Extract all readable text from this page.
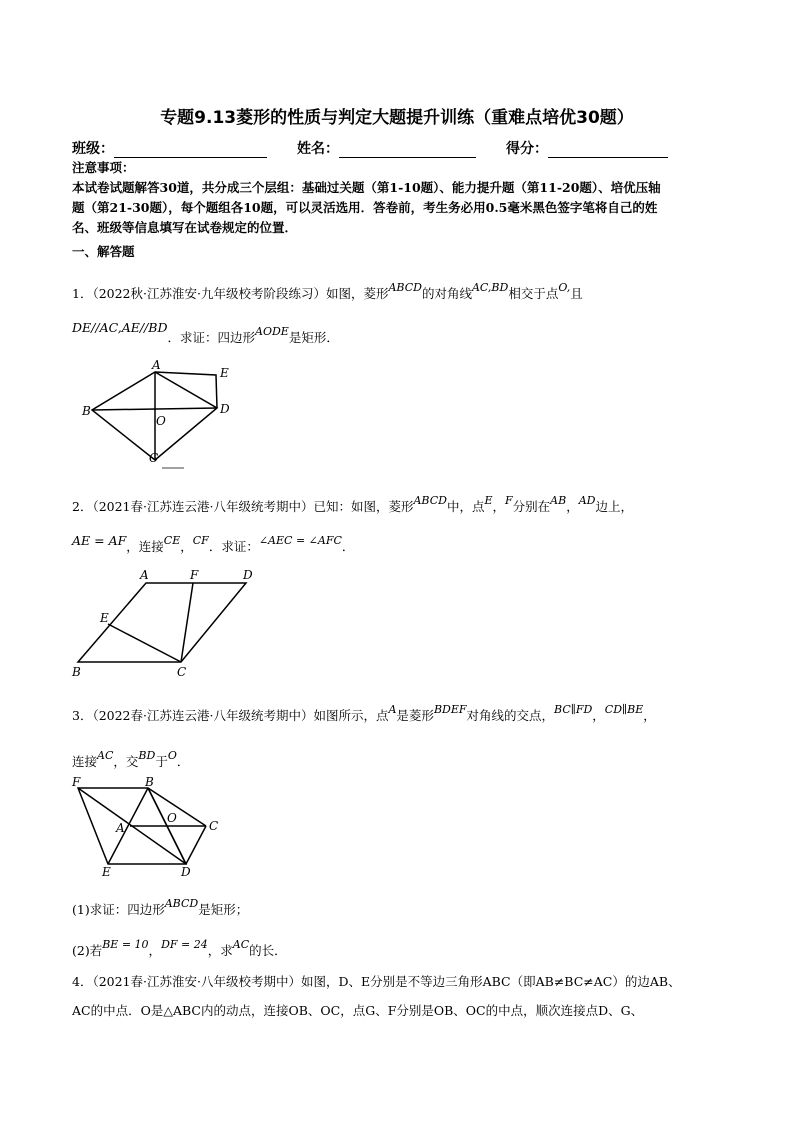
专题9.13菱形的性质与判定大题提升训练（重难点培优30题）
班级：	姓名：	得分：
注意事项：
本试卷试题解答30道，共分成三个层组：基础过关题（第1-10题）、能力提升题（第11-20题）、培优压轴
题（第21-30题），每个题组各10题，可以灵活选用．答卷前，考生务必用0.5毫米黑色签字笔将自己的姓
名、班级等信息填写在试卷规定的位置．
一、解答题
1．（2022秋·江苏淮安·九年级校考阶段练习）如图，菱形ABCD的对角线AC,BD相交于点O,且
DE//AC,AE//BD．求证：四边形AODE是矩形．
A
E
B	D
O
C
2．（2021春·江苏连云港·八年级统考期中）已知：如图，菱形ABCD中，点E，F分别在AB，AD边上，
AE = AF，连接CE，CF．求证：∠AEC = ∠AFC．
A	F	D
E
B	C
3．（2022春·江苏连云港·八年级统考期中）如图所示，点A是菱形BDEF对角线的交点，BC∥FD，CD∥BE，
连接AC，交BD于O．
F	B
O
A	C
E	D
(1)求证：四边形ABCD是矩形；
(2)若BE = 10，DF = 24，求AC的长．
4．（2021春·江苏淮安·八年级校考期中）如图，D、E分别是不等边三角形ABC（即AB≠BC≠AC）的边AB、
AC的中点．O是△ABC内的动点，连接OB、OC，点G、F分别是OB、OC的中点，顺次连接点D、G、
